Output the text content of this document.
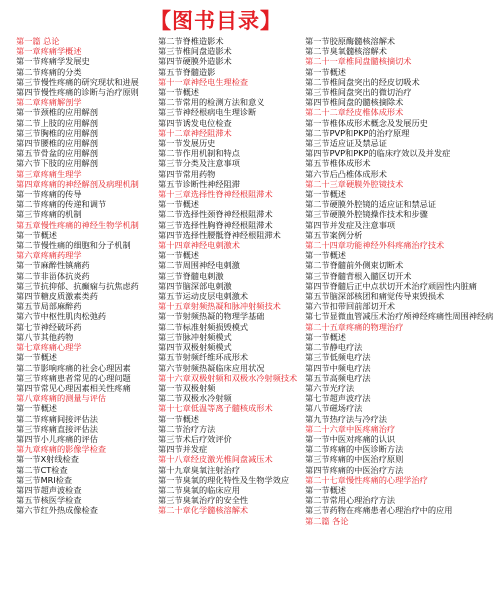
【图书目录】
第一篇 总论
第一章疼痛学概述
第一节疼痛学发展史
第二节疼痛的分类
第三节慢性疼痛的研究现状和进展
第四节慢性疼痛的诊断与治疗原则
第二章疼痛解剖学
第一节颈椎的应用解剖
第二节上肢的应用解剖
第三节胸椎的应用解剖
第四节腰椎的应用解剖
第五节骨盆的应用解剖
第六节下肢的应用解剖
第三章疼痛生理学
第四章疼痛的神经解剖及病理机制
第一节疼痛的传导
第二节疼痛的传递和调节
第三节疼痛的机制
第五章慢性疼痛的神经生物学机制
第一节概述
第二节慢性痛的细胞和分子机制
第六章疼痛药理学
第一节麻醉性镇痛药
第二节非甾体抗炎药
第三节抗抑郁、抗癫痫与抗焦虑药
第四节糖皮质激素类药
第五节局部麻醉药
第六节中枢性肌肉松弛药
第七节神经破坏药
第八节其他药物
第七章疼痛心理学
第一节概述
第二节影响疼痛的社会心理因素
第三节疼痛患者常见的心理问题
第四节常见心理因素相关性疼痛
第八章疼痛的测量与评估
第一节概述
第二节疼痛间接评估法
第三节疼痛直接评估法
第四节小儿疼痛的评估
第九章疼痛的影像学检查
第一节X射线检查
第二节CT检查
第三节MRI检查
第四节超声波检查
第五节核医学检查
第六节红外热成像检查
第二节脊椎造影术
第三节椎间盘造影术
第四节硬膜外造影术
第五节脊髓造影
第十一章神经电生理检查
第一节概述
第二节常用的检测方法和意义
第三节神经根病电生理诊断
第四节诱发电位检查
第十二章神经阻滞术
第一节发展历史
第二节作用机制和特点
第三节分类及注意事项
第四节常用药物
第五节诊断性神经阻滞
第十三章选择性脊神经根阻滞术
第一节概述
第二节选择性颈脊神经根阻滞术
第三节选择性胸脊神经根阻滞术
第四节选择性腰骶脊神经根阻滞术
第十四章神经电刺激术
第一节概述
第二节周围神经电刺激
第三节脊髓电刺激
第四节脑深部电刺激
第五节运动皮层电刺激术
第十五章射频热凝和脉冲射频技术
第一节射频热凝的物理学基础
第二节标准射频损毁模式
第三节脉冲射频模式
第四节双极射频模式
第五节射频纤维环成形术
第六节射频热凝临床应用状况
第十六章双极射频和双极水冷射频技术
第一节双极射频
第二节双极水冷射频
第十七章低温等离子髓核成形术
第一节概述
第二节治疗方法
第三节术后疗效评价
第四节并发症
第十八章经皮激光椎间盘减压术
第十九章臭氧注射治疗
第一节臭氧的理化特性及生物学效应
第二节臭氧的临床应用
第三节臭氧治疗的安全性
第二十章化学髓核溶解术
第一节胶原酶髓核溶解术
第二节臭氧髓核溶解术
第二十一章椎间盘髓核摘切术
第一节概述
第二节椎间盘突出的经皮切吸术
第三节椎间盘突出的微切治疗
第四节椎间盘的髓核摘除术
第二十二章经皮椎体成形术
第一节椎体成形术概念及发展历史
第二节PVP和PKP的治疗原理
第三节适应证及禁忌证
第四节PVP和PKP的临床疗效以及并发症
第五节椎体成形术
第六节后凸椎体成形术
第二十三章硬膜外腔镜技术
第一节概述
第二节硬膜外腔镜的适应证和禁忌证
第三节硬膜外腔镜操作技术和步骤
第四节并发症及注意事项
第五节案例分析
第二十四章功能神经外科疼痛治疗技术
第一节概述
第二节脊髓前外侧束切断术
第三节脊髓背根入髓区切开术
第四节脊髓后正中点状切开术治疗顽固性内脏痛
第五节脑深部核团和痛觉传导束毁损术
第六节扣带回前部切开术
第七节显微血管减压术治疗颅神经疼痛性周围神经病
第二十五章疼痛的物理治疗
第一节概述
第二节静电疗法
第三节低频电疗法
第四节中频电疗法
第五节高频电疗法
第六节光疗法
第七节超声波疗法
第八节磁场疗法
第九节热疗法与冷疗法
第二十六章中医疼痛治疗
第一节中医对疼痛的认识
第二节疼痛的中医诊断方法
第三节疼痛的中医治疗原则
第四节疼痛的中医治疗方法
第二十七章慢性疼痛的心理学治疗
第一节概述
第二节常用心理治疗方法
第三节药物在疼痛患者心理治疗中的应用
第二篇 各论
